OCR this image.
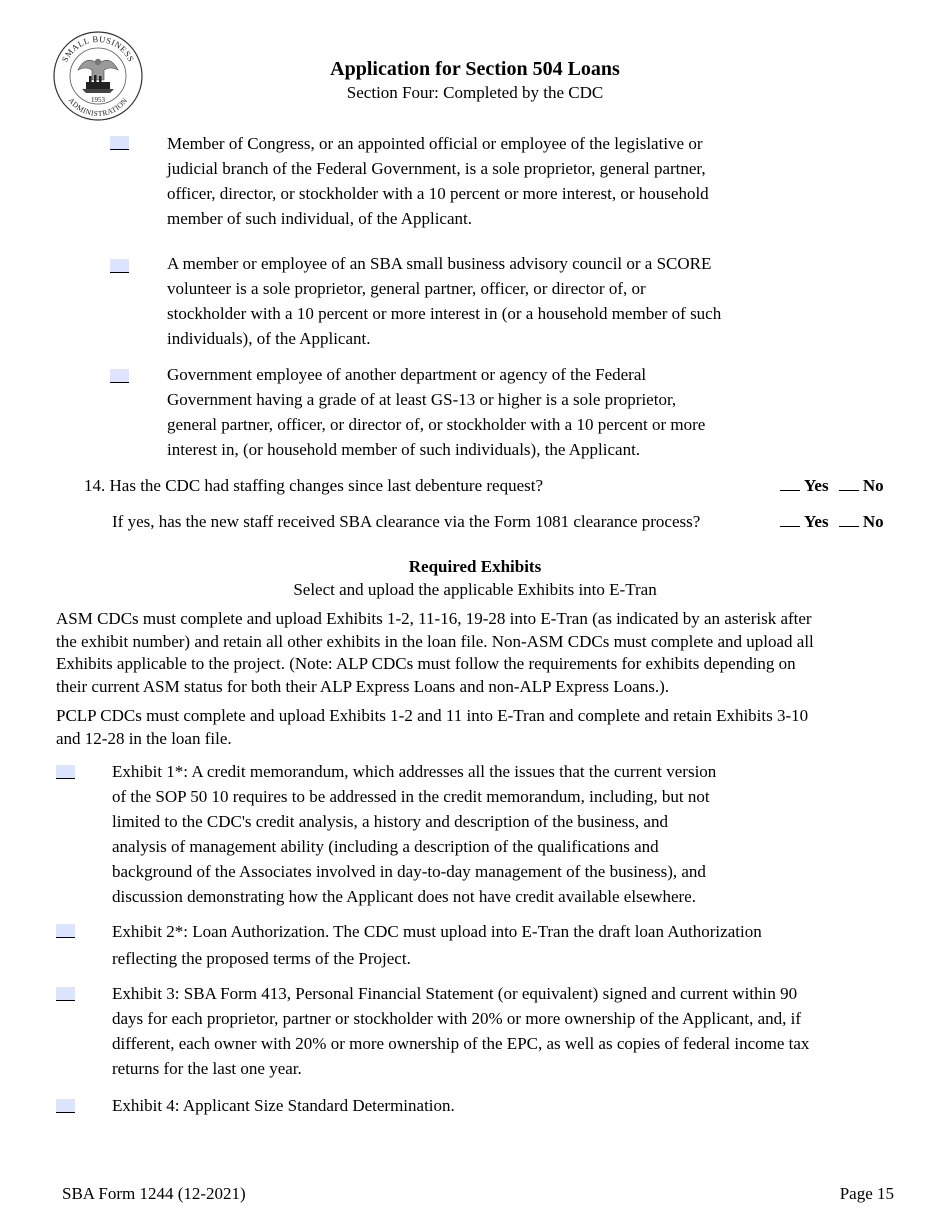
SMALL BUSINESS
ADMINISTRATION
1953
Application for Section 504 Loans
Section Four: Completed by the CDC
Member of Congress, or an appointed official or employee of the legislative or
judicial branch of the Federal Government, is a sole proprietor, general partner,
officer, director, or stockholder with a 10 percent or more interest, or household
member of such individual, of the Applicant.
A member or employee of an SBA small business advisory council or a SCORE
volunteer is a sole proprietor, general partner, officer, or director of, or
stockholder with a 10 percent or more interest in (or a household member of such
individuals), of the Applicant.
Government employee of another department or agency of the Federal
Government having a grade of at least GS-13 or higher is a sole proprietor,
general partner, officer, or director of, or stockholder with a 10 percent or more
interest in, (or household member of such individuals), the Applicant.
14. Has the CDC had staffing changes since last debenture request?	Yes No
If yes, has the new staff received SBA clearance via the Form 1081 clearance process?	Yes No
Required Exhibits
Select and upload the applicable Exhibits into E-Tran
ASM CDCs must complete and upload Exhibits 1-2, 11-16, 19-28 into E-Tran (as indicated by an asterisk after
the exhibit number) and retain all other exhibits in the loan file. Non-ASM CDCs must complete and upload all
Exhibits applicable to the project. (Note: ALP CDCs must follow the requirements for exhibits depending on
their current ASM status for both their ALP Express Loans and non-ALP Express Loans.).
PCLP CDCs must complete and upload Exhibits 1-2 and 11 into E-Tran and complete and retain Exhibits 3-10
and 12-28 in the loan file.
Exhibit 1*: A credit memorandum, which addresses all the issues that the current version
of the SOP 50 10 requires to be addressed in the credit memorandum, including, but not
limited to the CDC's credit analysis, a history and description of the business, and
analysis of management ability (including a description of the qualifications and
background of the Associates involved in day-to-day management of the business), and
discussion demonstrating how the Applicant does not have credit available elsewhere.
Exhibit 2*: Loan Authorization. The CDC must upload into E-Tran the draft loan Authorization
reflecting the proposed terms of the Project.
Exhibit 3: SBA Form 413, Personal Financial Statement (or equivalent) signed and current within 90
days for each proprietor, partner or stockholder with 20% or more ownership of the Applicant, and, if
different, each owner with 20% or more ownership of the EPC, as well as copies of federal income tax
returns for the last one year.
Exhibit 4: Applicant Size Standard Determination.
SBA Form 1244 (12-2021)	Page 15
